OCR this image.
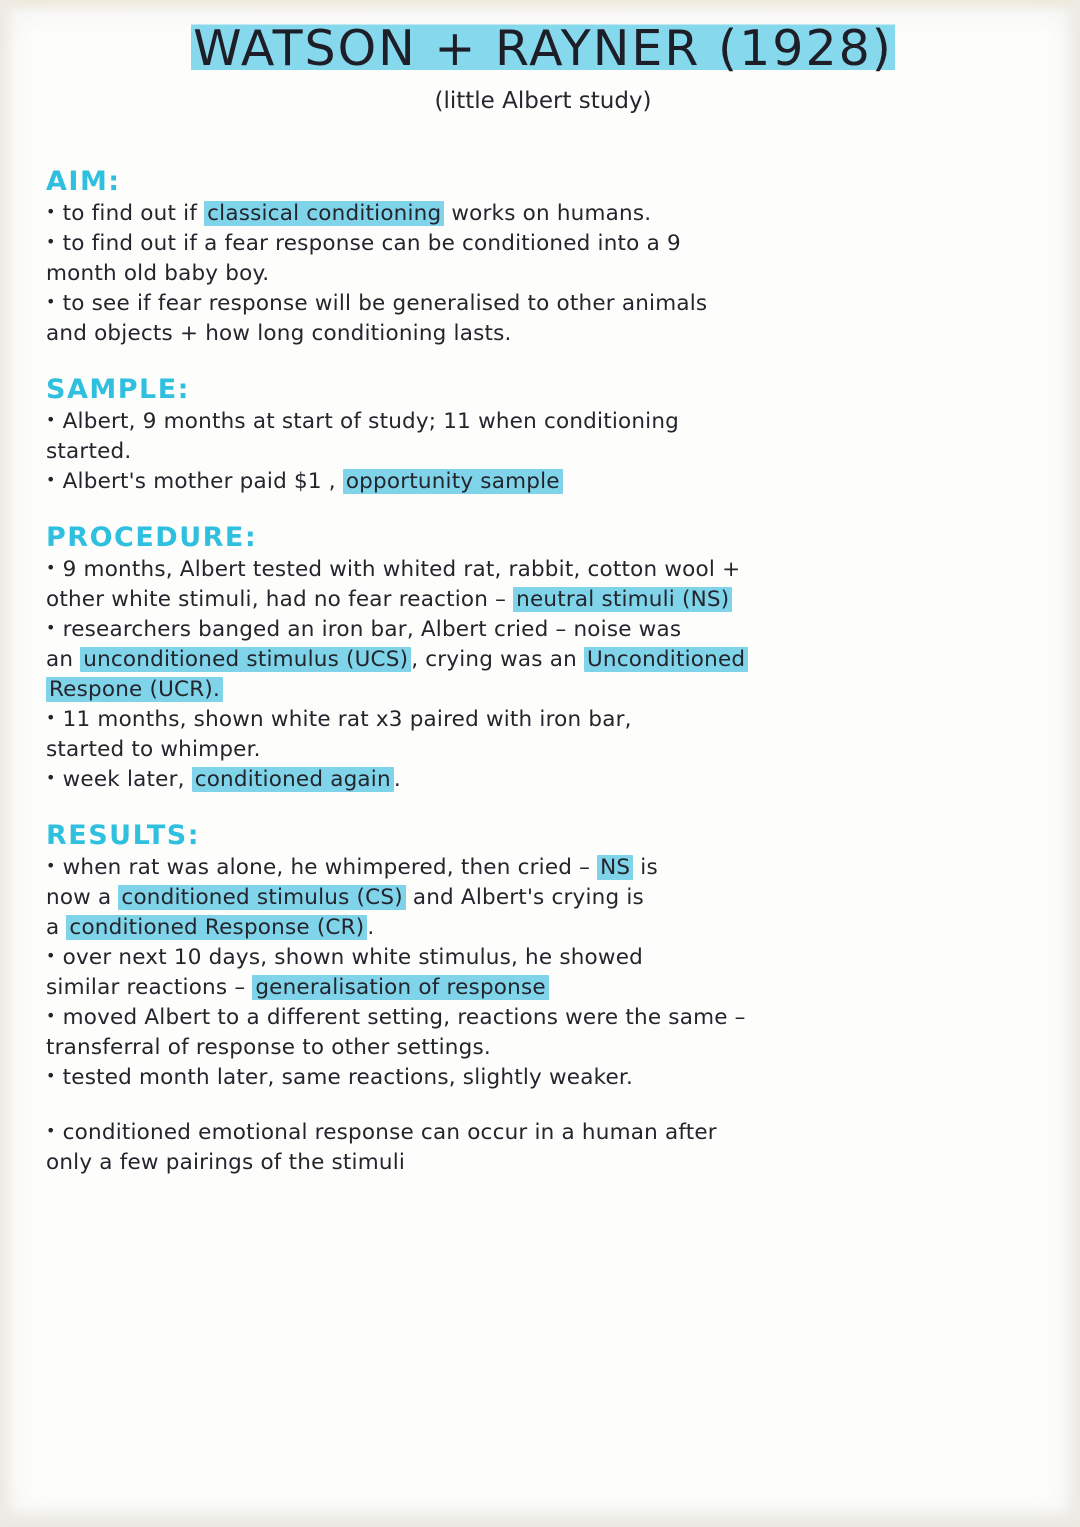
WATSON + RAYNER (1928)
(little Albert study)
AIM:
• to find out if classical conditioning works on humans.
• to find out if a fear response can be conditioned into a 9
month old baby boy.
• to see if fear response will be generalised to other animals
and objects + how long conditioning lasts.
SAMPLE:
• Albert, 9 months at start of study; 11 when conditioning
started.
• Albert's mother paid $1 , opportunity sample
PROCEDURE:
• 9 months, Albert tested with whited rat, rabbit, cotton wool +
other white stimuli, had no fear reaction – neutral stimuli (NS)
• researchers banged an iron bar, Albert cried – noise was
an unconditioned stimulus (UCS) , crying was an Unconditioned
Respone (UCR).
• 11 months, shown white rat x3 paired with iron bar,
started to whimper.
• week later, conditioned again .
RESULTS:
• when rat was alone, he whimpered, then cried – NS is
now a conditioned stimulus (CS) and Albert's crying is
a conditioned Response (CR) .
• over next 10 days, shown white stimulus, he showed
similar reactions – generalisation of response
• moved Albert to a different setting, reactions were the same –
transferral of response to other settings.
• tested month later, same reactions, slightly weaker.
• conditioned emotional response can occur in a human after
only a few pairings of the stimuli
